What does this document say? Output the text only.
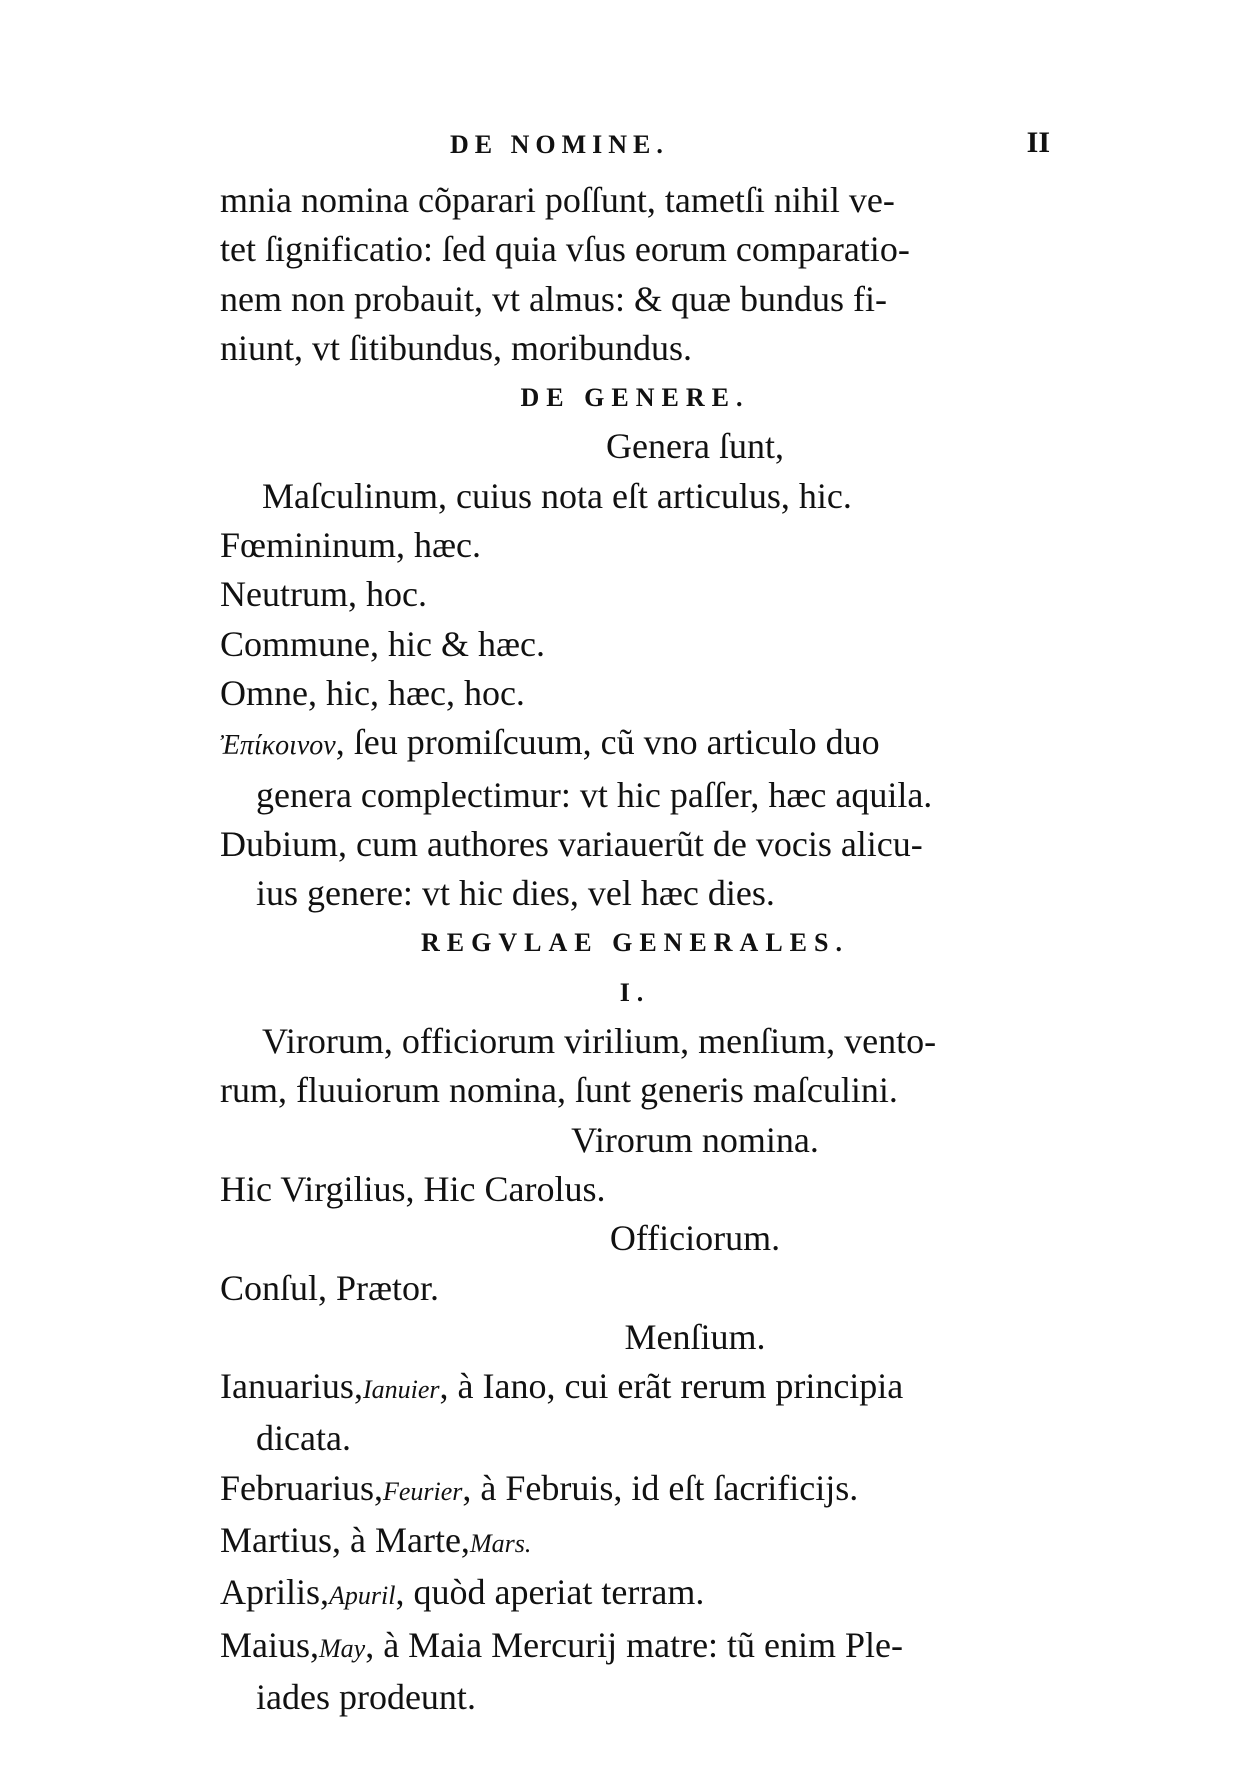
DE NOMINE.	II
mnia nomina cõparari poſſunt, tametſi nihil ve-
tet ſignificatio: ſed quia vſus eorum comparatio-
nem non probauit, vt almus: & quæ bundus fi-
niunt, vt ſitibundus, moribundus.
DE GENERE.
Genera ſunt,
Maſculinum, cuius nota eſt articulus, hic.
Fœmininum, hæc.
Neutrum, hoc.
Commune, hic & hæc.
Omne, hic, hæc, hoc.
Ἐπίκοινον, ſeu promiſcuum, cũ vno articulo duo
genera complectimur: vt hic paſſer, hæc aquila.
Dubium, cum authores variauerũt de vocis alicu-
ius genere: vt hic dies, vel hæc dies.
REGVLAE GENERALES.
I.
Virorum, officiorum virilium, menſium, vento-
rum, fluuiorum nomina, ſunt generis maſculini.
Virorum nomina.
Hic Virgilius, Hic Carolus.
Officiorum.
Conſul, Prætor.
Menſium.
Ianuarius,Ianuier, à Iano, cui erãt rerum principia
dicata.
Februarius,Feurier, à Februis, id eſt ſacrificijs.
Martius, à Marte,Mars.
Aprilis,Apuril, quòd aperiat terram.
Maius,May, à Maia Mercurij matre: tũ enim Ple-
iades prodeunt.
